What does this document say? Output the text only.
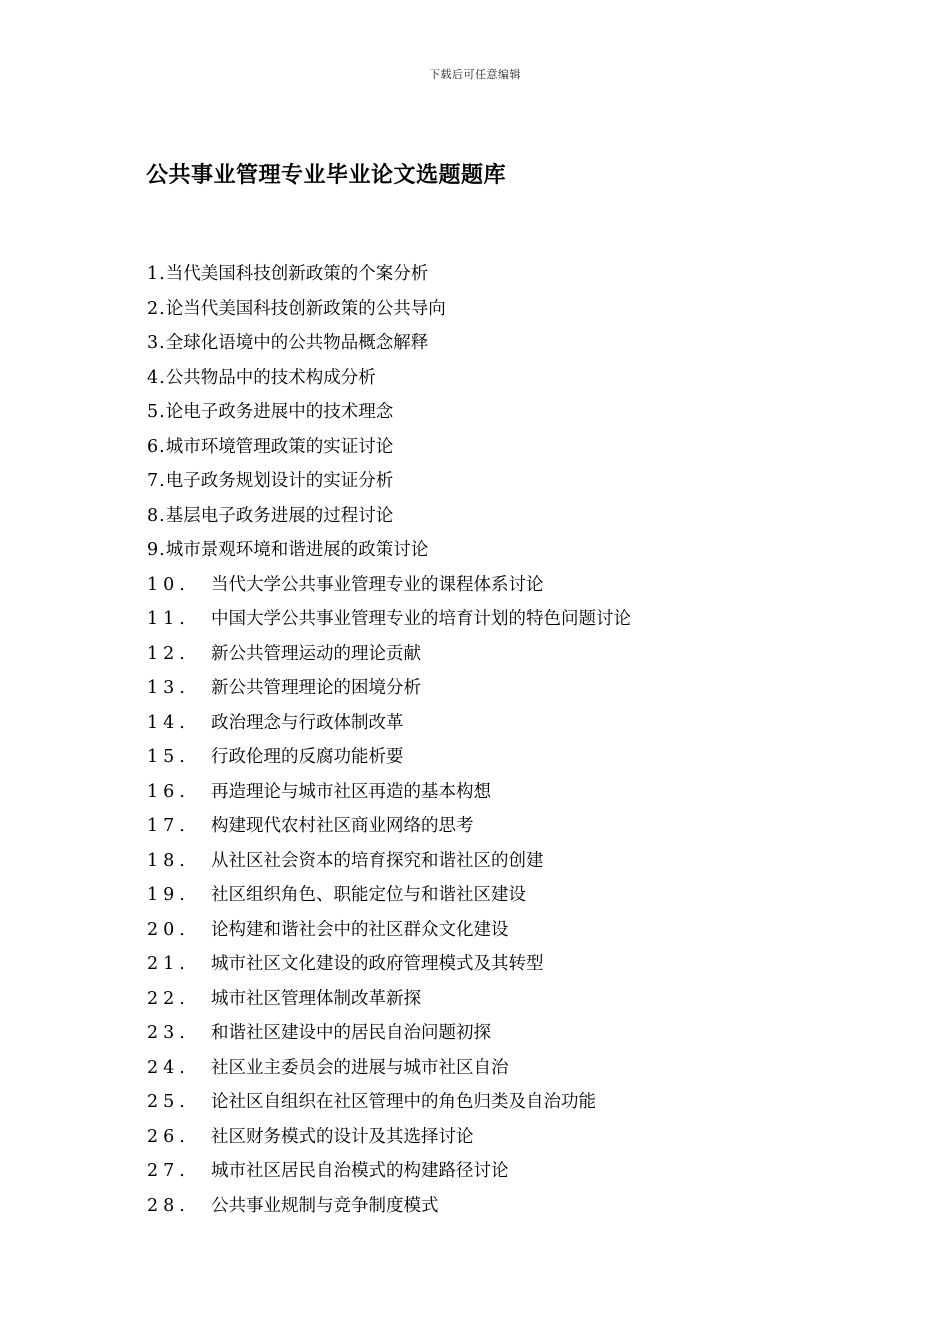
下载后可任意编辑
公共事业管理专业毕业论文选题题库
1. 当代美国科技创新政策的个案分析
2. 论当代美国科技创新政策的公共导向
3. 全球化语境中的公共物品概念解释
4. 公共物品中的技术构成分析
5. 论电子政务进展中的技术理念
6. 城市环境管理政策的实证讨论
7. 电子政务规划设计的实证分析
8. 基层电子政务进展的过程讨论
9. 城市景观环境和谐进展的政策讨论
10.	当代大学公共事业管理专业的课程体系讨论
11.	中国大学公共事业管理专业的培育计划的特色问题讨论
12.	新公共管理运动的理论贡献
13.	新公共管理理论的困境分析
14.	政治理念与行政体制改革
15.	行政伦理的反腐功能析要
16.	再造理论与城市社区再造的基本构想
17.	构建现代农村社区商业网络的思考
18.	从社区社会资本的培育探究和谐社区的创建
19.	社区组织角色、职能定位与和谐社区建设
20.	论构建和谐社会中的社区群众文化建设
21.	城市社区文化建设的政府管理模式及其转型
22.	城市社区管理体制改革新探
23.	和谐社区建设中的居民自治问题初探
24.	社区业主委员会的进展与城市社区自治
25.	论社区自组织在社区管理中的角色归类及自治功能
26.	社区财务模式的设计及其选择讨论
27.	城市社区居民自治模式的构建路径讨论
28.	公共事业规制与竞争制度模式
